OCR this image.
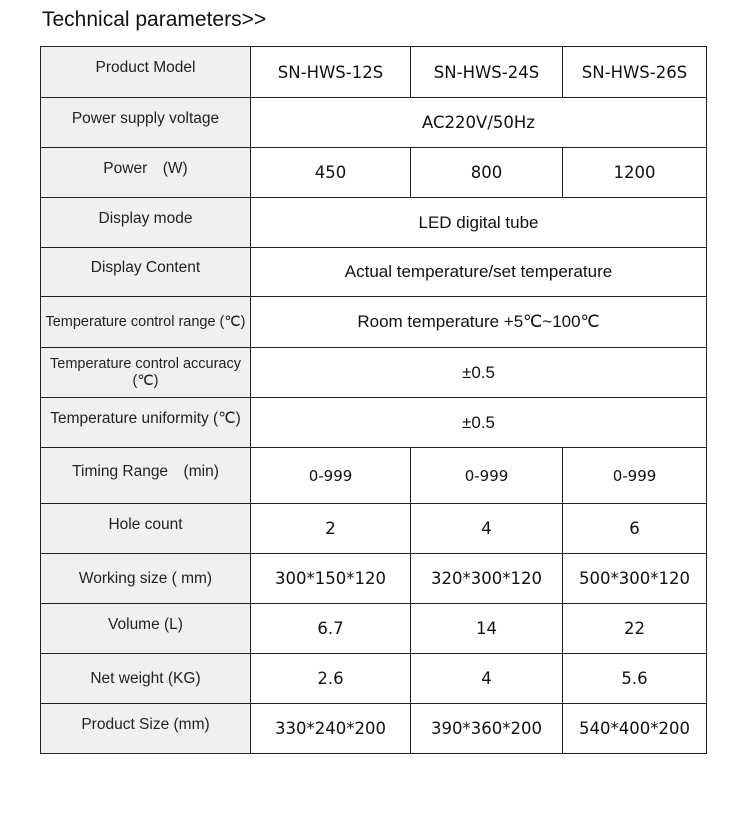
Technical parameters>>
Product Model	SN-HWS-12S	SN-HWS-24S	SN-HWS-26S
Power supply voltage	AC220V/50Hz		
Power　(W)	450	800	1200
Display mode	LED digital tube		
Display Content	Actual temperature/set temperature		
Temperature control range (℃)	Room temperature +5℃~100℃		
Temperature control accuracy (℃)	±0.5		
Temperature uniformity (℃)	±0.5		
Timing Range　(min)	0-999	0-999	0-999
Hole count	2	4	6
Working size ( mm)	300*150*120	320*300*120	500*300*120
Volume (L)	6.7	14	22
Net weight (KG)	2.6	4	5.6
Product Size (mm)	330*240*200	390*360*200	540*400*200
